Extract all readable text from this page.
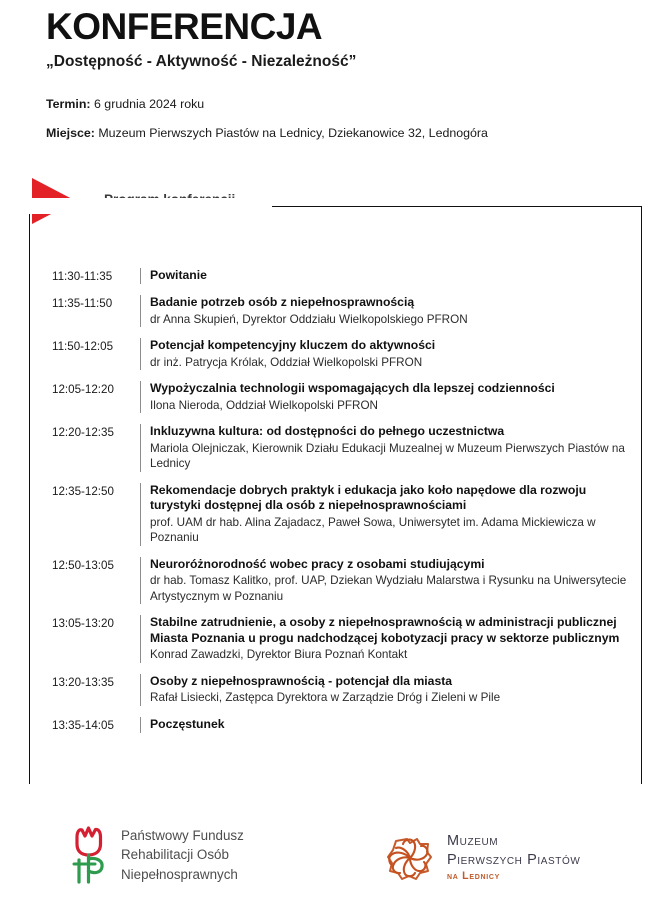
KONFERENCJA
„Dostępność - Aktywność - Niezależność”
Termin: 6 grudnia 2024 roku
Miejsce: Muzeum Pierwszych Piastów na Lednicy, Dziekanowice 32, Lednogóra
11:30-11:35	Powitanie
11:35-11:50	Badanie potrzeb osób z niepełnosprawnością
dr Anna Skupień, Dyrektor Oddziału Wielkopolskiego PFRON
11:50-12:05	Potencjał kompetencyjny kluczem do aktywności
dr inż. Patrycja Królak, Oddział Wielkopolski PFRON
12:05-12:20	Wypożyczalnia technologii wspomagających dla lepszej codzienności
Ilona Nieroda, Oddział Wielkopolski PFRON
12:20-12:35	Inkluzywna kultura: od dostępności do pełnego uczestnictwa
Mariola Olejniczak, Kierownik Działu Edukacji Muzealnej w Muzeum Pierwszych Piastów na Lednicy
12:35-12:50	Rekomendacje dobrych praktyk i edukacja jako koło napędowe dla rozwoju turystyki dostępnej dla osób z niepełnosprawnościami
prof. UAM dr hab. Alina Zajadacz, Paweł Sowa, Uniwersytet im. Adama Mickiewicza w Poznaniu
12:50-13:05	Neuroróżnorodność wobec pracy z osobami studiującymi
dr hab. Tomasz Kalitko, prof. UAP, Dziekan Wydziału Malarstwa i Rysunku na Uniwersytecie Artystycznym w Poznaniu
13:05-13:20	Stabilne zatrudnienie, a osoby z niepełnosprawnością w administracji publicznej Miasta Poznania u progu nadchodzącej kobotyzacji pracy w sektorze publicznym
Konrad Zawadzki, Dyrektor Biura Poznań Kontakt
13:20-13:35	Osoby z niepełnosprawnością - potencjał dla miasta
Rafał Lisiecki, Zastępca Dyrektora w Zarządzie Dróg i Zieleni w Pile
13:35-14:05	Poczęstunek
Państwowy Fundusz
Rehabilitacji Osób
Niepełnosprawnych
Muzeum
Pierwszych Piastów
na Lednicy
